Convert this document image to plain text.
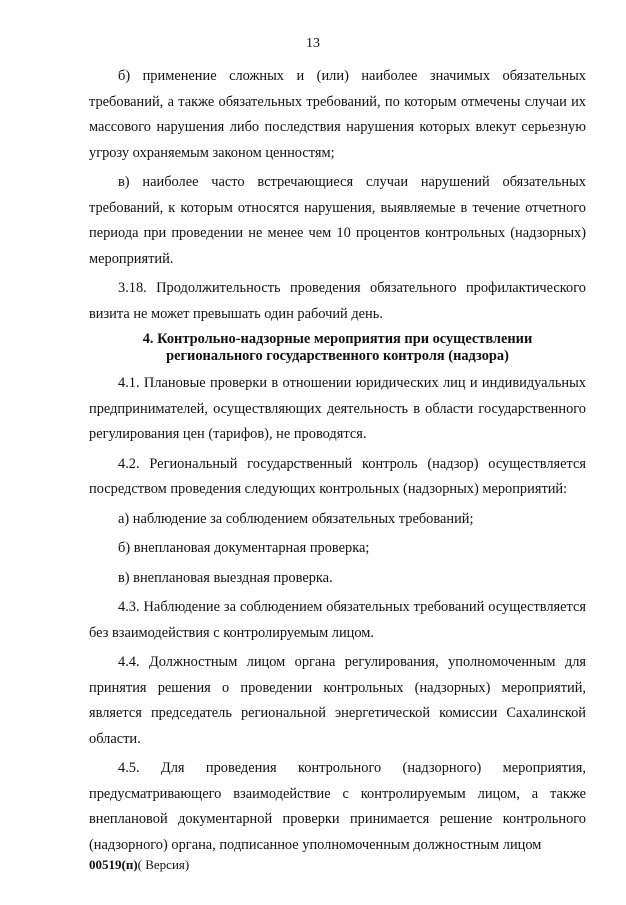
13

б) применение сложных и (или) наиболее значимых обязательных требований, а также обязательных требований, по которым отмечены случаи их массового нарушения либо последствия нарушения которых влекут серьезную угрозу охраняемым законом ценностям;

в) наиболее часто встречающиеся случаи нарушений обязательных требований, к которым относятся нарушения, выявляемые в течение отчетного периода при проведении не менее чем 10 процентов контрольных (надзорных) мероприятий.

3.18. Продолжительность проведения обязательного профилактического визита не может превышать один рабочий день.

4. Контрольно-надзорные мероприятия при осуществлении
регионального государственного контроля (надзора)

4.1. Плановые проверки в отношении юридических лиц и индивидуальных предпринимателей, осуществляющих деятельность в области государственного регулирования цен (тарифов), не проводятся.

4.2. Региональный государственный контроль (надзор) осуществляется посредством проведения следующих контрольных (надзорных) мероприятий:

а) наблюдение за соблюдением обязательных требований;

б) внеплановая документарная проверка;

в) внеплановая выездная проверка.

4.3. Наблюдение за соблюдением обязательных требований осуществляется без взаимодействия с контролируемым лицом.

4.4. Должностным лицом органа регулирования, уполномоченным для принятия решения о проведении контрольных (надзорных) мероприятий, является председатель региональной энергетической комиссии Сахалинской области.

4.5. Для проведения контрольного (надзорного) мероприятия, предусматривающего взаимодействие с контролируемым лицом, а также внеплановой документарной проверки принимается решение контрольного (надзорного) органа, подписанное уполномоченным должностным лицом

00519(п)( Версия)
